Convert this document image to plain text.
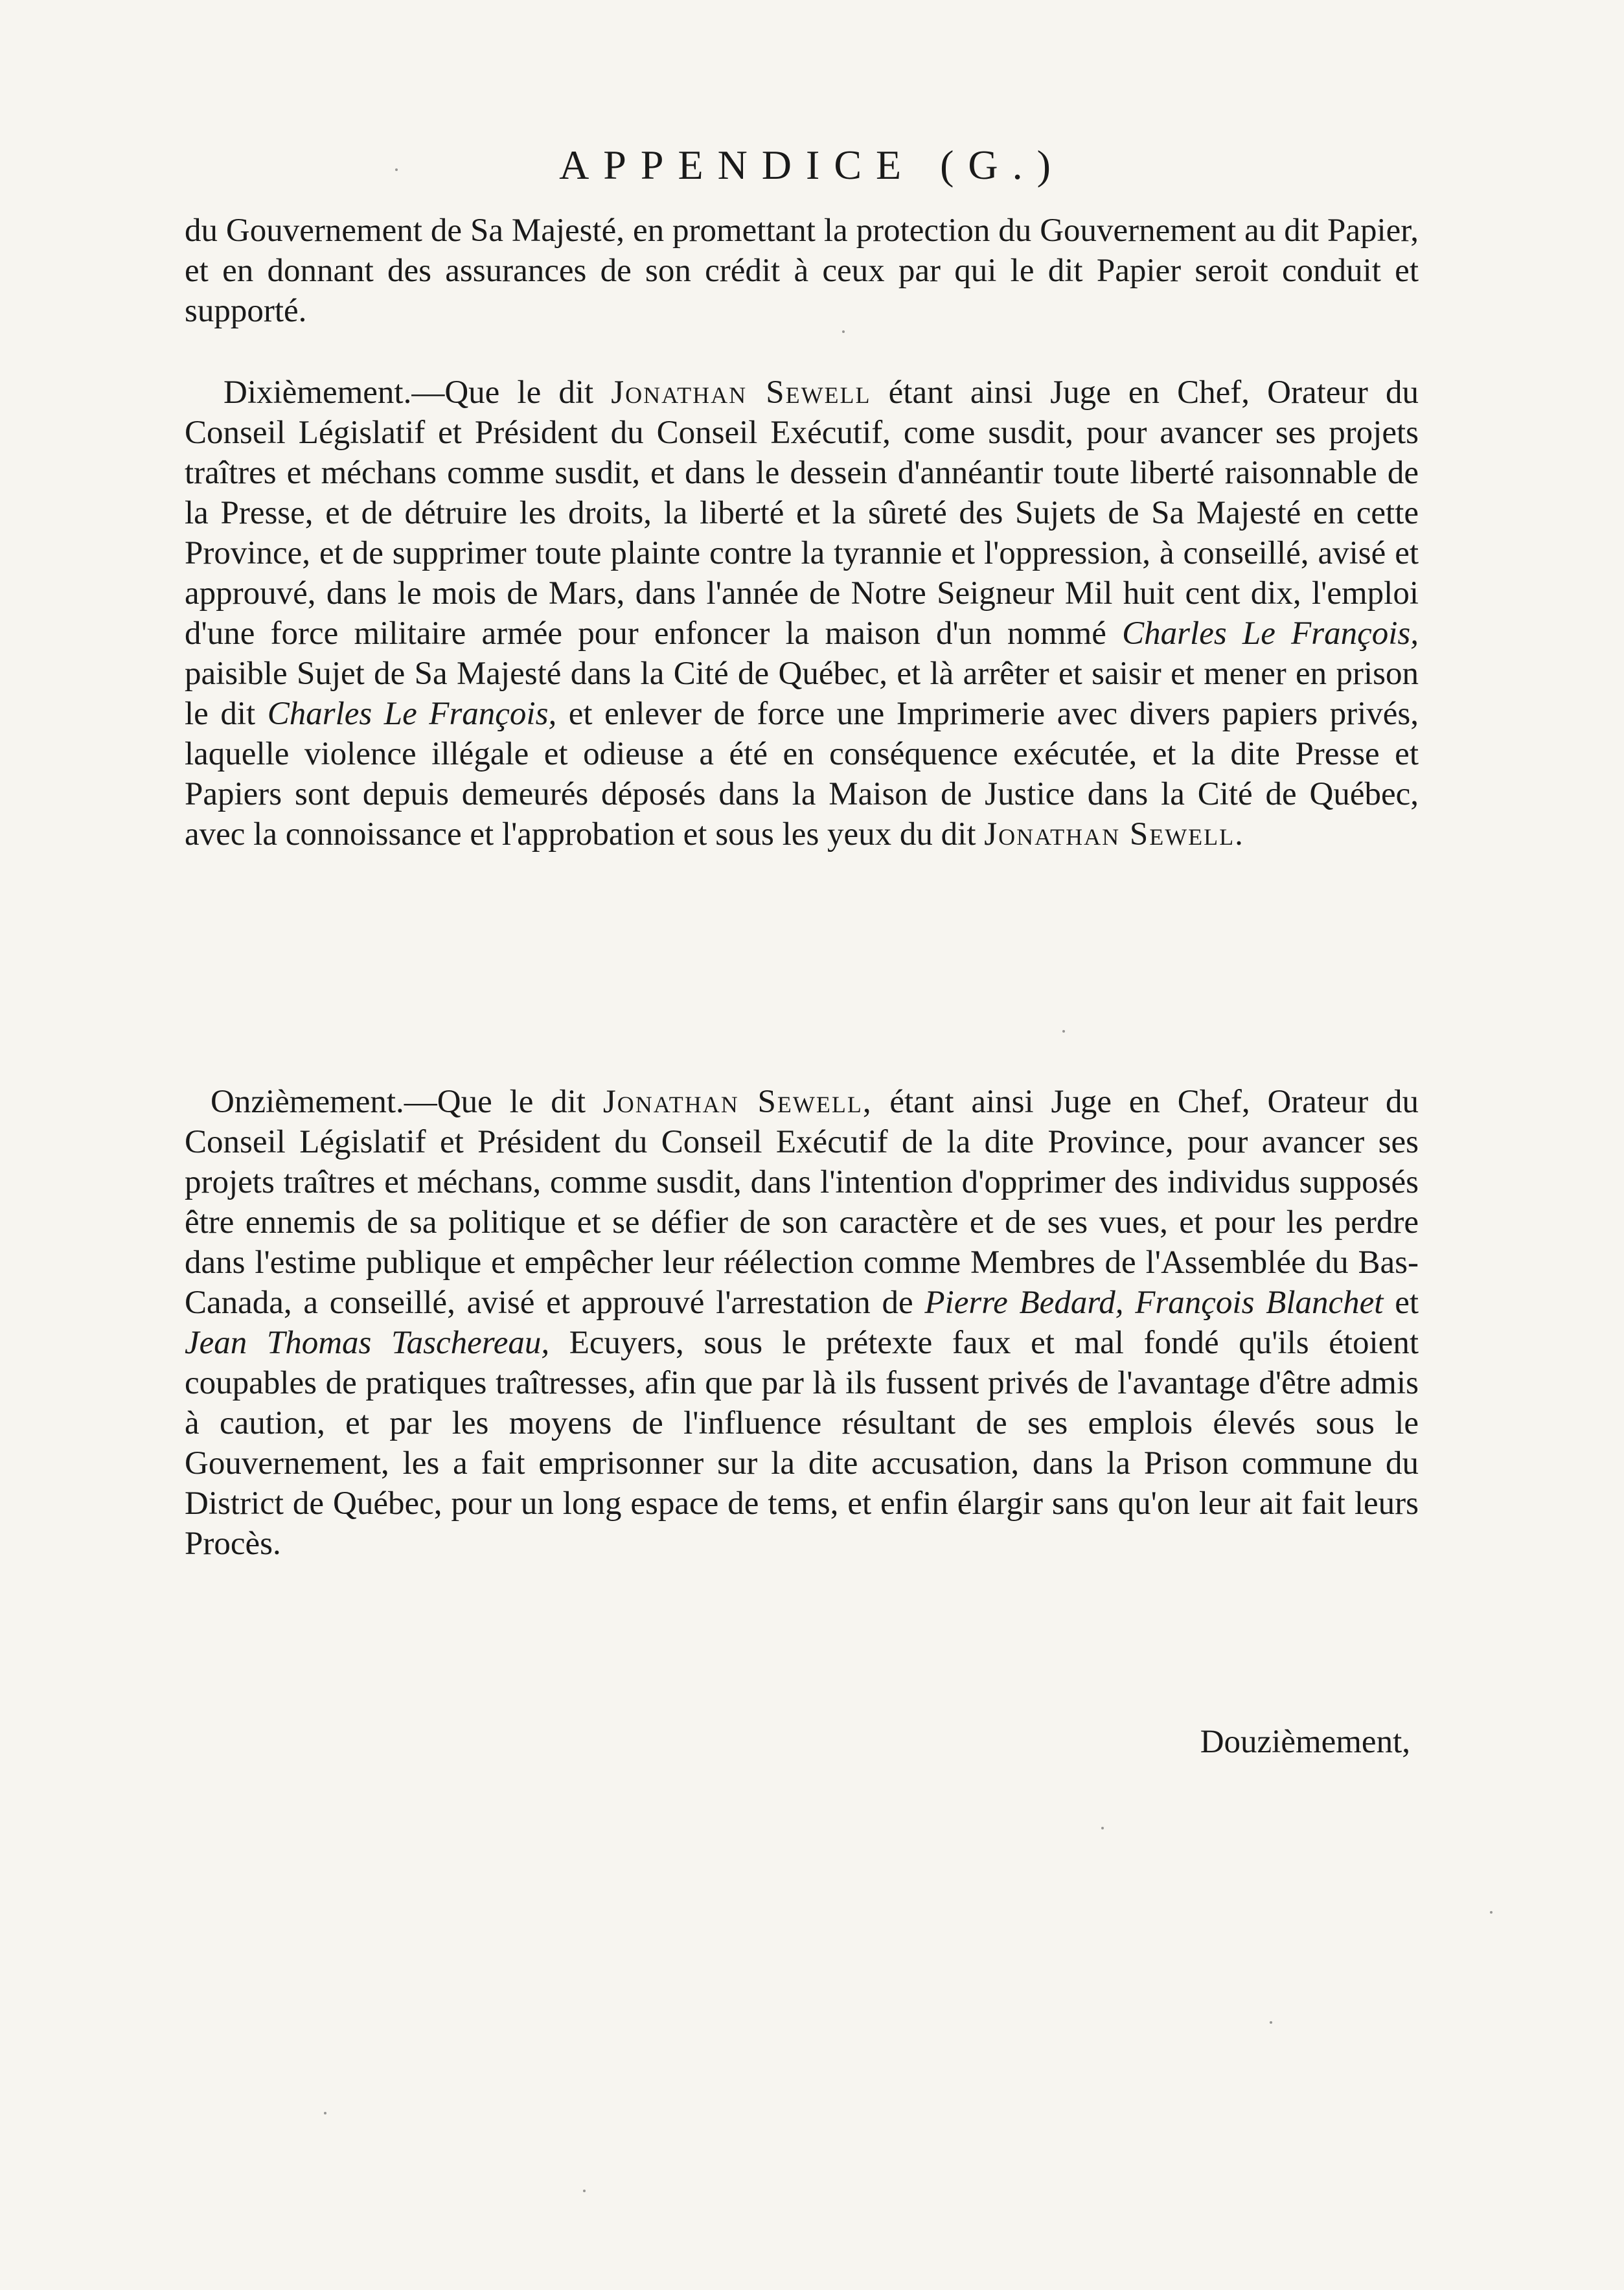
APPENDICE (G.)

du Gouvernement de Sa Majesté, en promettant la protection du Gouvernement au dit Papier, et en donnant des assurances de son crédit à ceux par qui le dit Papier seroit conduit et supporté.

Dixièmement.—Que le dit Jonathan Sewell étant ainsi Juge en Chef, Orateur du Conseil Législatif et Président du Conseil Exécutif, come susdit, pour avancer ses projets traîtres et méchans comme susdit, et dans le dessein d'annéantir toute liberté raisonnable de la Presse, et de détruire les droits, la liberté et la sûreté des Sujets de Sa Majesté en cette Province, et de supprimer toute plainte contre la tyrannie et l'oppression, à conseillé, avisé et approuvé, dans le mois de Mars, dans l'année de Notre Seigneur Mil huit cent dix, l'emploi d'une force militaire armée pour enfoncer la maison d'un nommé Charles Le François, paisible Sujet de Sa Majesté dans la Cité de Québec, et là arrêter et saisir et mener en prison le dit Charles Le François, et enlever de force une Imprimerie avec divers papiers privés, laquelle violence illégale et odieuse a été en conséquence exécutée, et la dite Presse et Papiers sont depuis demeurés déposés dans la Maison de Justice dans la Cité de Québec, avec la connoissance et l'approbation et sous les yeux du dit Jonathan Sewell.

Onzièmement.—Que le dit Jonathan Sewell, étant ainsi Juge en Chef, Orateur du Conseil Législatif et Président du Conseil Exécutif de la dite Province, pour avancer ses projets traîtres et méchans, comme susdit, dans l'intention d'opprimer des individus supposés être ennemis de sa politique et se défier de son caractère et de ses vues, et pour les perdre dans l'estime publique et empêcher leur réélection comme Membres de l'Assemblée du Bas-Canada, a conseillé, avisé et approuvé l'arrestation de Pierre Bedard, François Blanchet et Jean Thomas Taschereau, Ecuyers, sous le prétexte faux et mal fondé qu'ils étoient coupables de pratiques traîtresses, afin que par là ils fussent privés de l'avantage d'être admis à caution, et par les moyens de l'influence résultant de ses emplois élevés sous le Gouvernement, les a fait emprisonner sur la dite accusation, dans la Prison commune du District de Québec, pour un long espace de tems, et enfin élargir sans qu'on leur ait fait leurs Procès.

Douzièmement,
